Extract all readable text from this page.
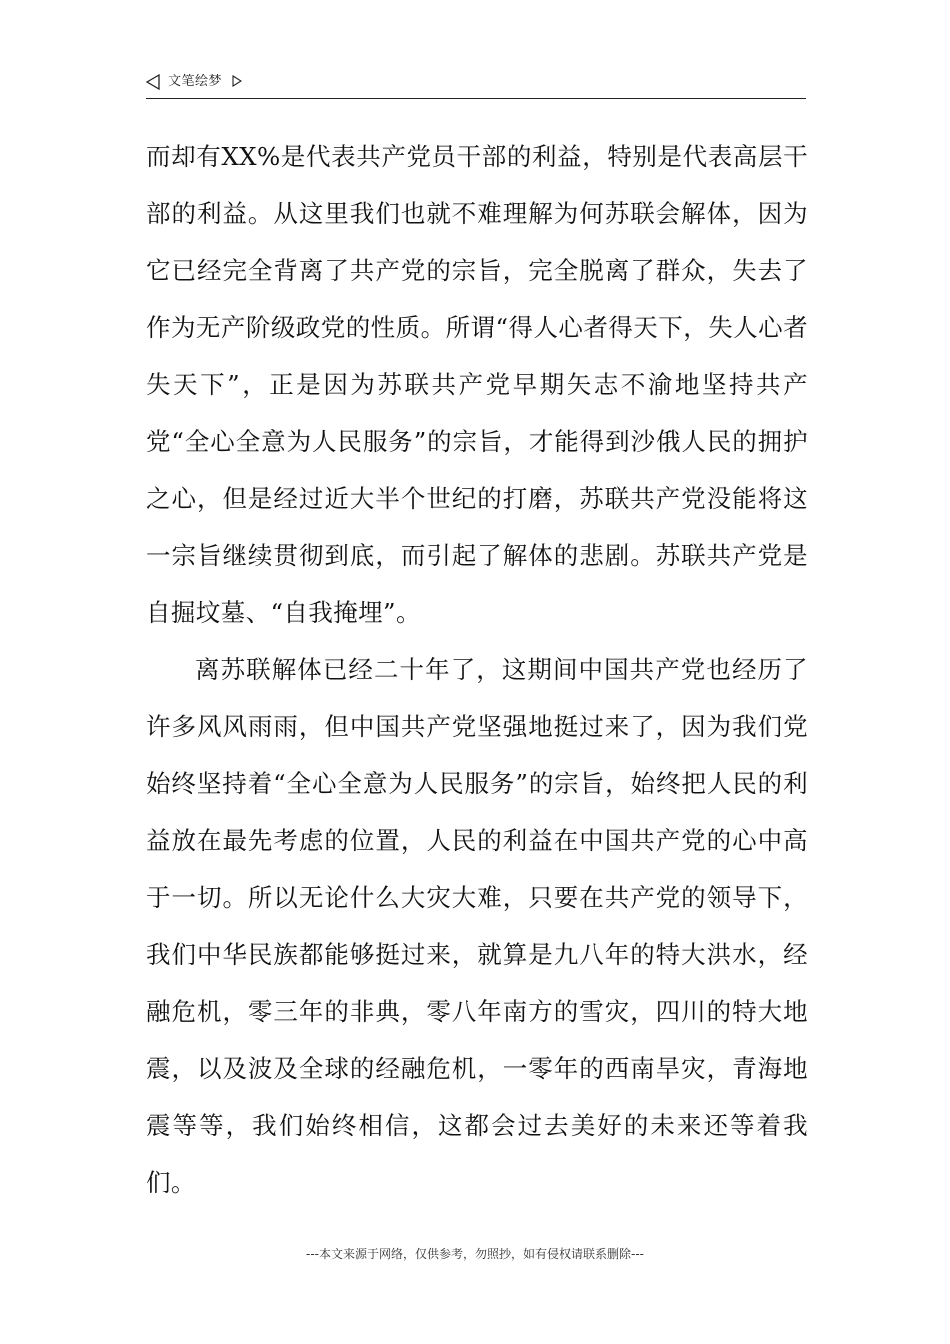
文笔绘梦

而却有XX%是代表共产党员干部的利益，特别是代表高层干部的利益。从这里我们也就不难理解为何苏联会解体，因为它已经完全背离了共产党的宗旨，完全脱离了群众，失去了作为无产阶级政党的性质。所谓“得人心者得天下，失人心者失天下”，正是因为苏联共产党早期矢志不渝地坚持共产党“全心全意为人民服务”的宗旨，才能得到沙俄人民的拥护之心，但是经过近大半个世纪的打磨，苏联共产党没能将这一宗旨继续贯彻到底，而引起了解体的悲剧。苏联共产党是自掘坟墓、“自我掩埋”。

离苏联解体已经二十年了，这期间中国共产党也经历了许多风风雨雨，但中国共产党坚强地挺过来了，因为我们党始终坚持着“全心全意为人民服务”的宗旨，始终把人民的利益放在最先考虑的位置，人民的利益在中国共产党的心中高于一切。所以无论什么大灾大难，只要在共产党的领导下，我们中华民族都能够挺过来，就算是九八年的特大洪水，经融危机，零三年的非典，零八年南方的雪灾，四川的特大地震，以及波及全球的经融危机，一零年的西南旱灾，青海地震等等，我们始终相信，这都会过去美好的未来还等着我们。

---本文来源于网络，仅供参考，勿照抄，如有侵权请联系删除---
